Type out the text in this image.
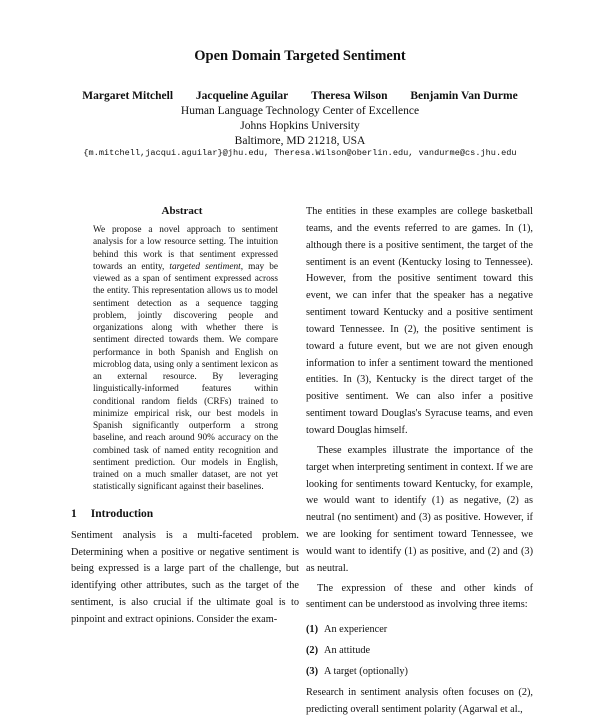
Open Domain Targeted Sentiment
Margaret Mitchell Jacqueline Aguilar Theresa Wilson Benjamin Van Durme
Human Language Technology Center of Excellence
Johns Hopkins University
Baltimore, MD 21218, USA
{m.mitchell,jacqui.aguilar}@jhu.edu, Theresa.Wilson@oberlin.edu, vandurme@cs.jhu.edu
Abstract
We propose a novel approach to sentiment analysis for a low resource setting. The intuition behind this work is that sentiment expressed towards an entity, targeted sentiment, may be viewed as a span of sentiment expressed across the entity. This representation allows us to model sentiment detection as a sequence tagging problem, jointly discovering people and organizations along with whether there is sentiment directed towards them. We compare performance in both Spanish and English on microblog data, using only a sentiment lexicon as an external resource. By leveraging linguistically-informed features within conditional random fields (CRFs) trained to minimize empirical risk, our best models in Spanish significantly outperform a strong baseline, and reach around 90% accuracy on the combined task of named entity recognition and sentiment prediction. Our models in English, trained on a much smaller dataset, are not yet statistically significant against their baselines.
1 Introduction
Sentiment analysis is a multi-faceted problem. Determining when a positive or negative sentiment is being expressed is a large part of the challenge, but identifying other attributes, such as the target of the sentiment, is also crucial if the ultimate goal is to pinpoint and extract opinions. Consider the exam-

The entities in these examples are college basketball teams, and the events referred to are games. In (1), although there is a positive sentiment, the target of the sentiment is an event (Kentucky losing to Tennessee). However, from the positive sentiment toward this event, we can infer that the speaker has a negative sentiment toward Kentucky and a positive sentiment toward Tennessee. In (2), the positive sentiment is toward a future event, but we are not given enough information to infer a sentiment toward the mentioned entities. In (3), Kentucky is the direct target of the positive sentiment. We can also infer a positive sentiment toward Douglas's Syracuse teams, and even toward Douglas himself.

These examples illustrate the importance of the target when interpreting sentiment in context. If we are looking for sentiments toward Kentucky, for example, we would want to identify (1) as negative, (2) as neutral (no sentiment) and (3) as positive. However, if we are looking for sentiment toward Tennessee, we would want to identify (1) as positive, and (2) and (3) as neutral.

The expression of these and other kinds of sentiment can be understood as involving three items:

(1) An experiencer
(2) An attitude
(3) A target (optionally)

Research in sentiment analysis often focuses on (2), predicting overall sentiment polarity (Agarwal et al.,
